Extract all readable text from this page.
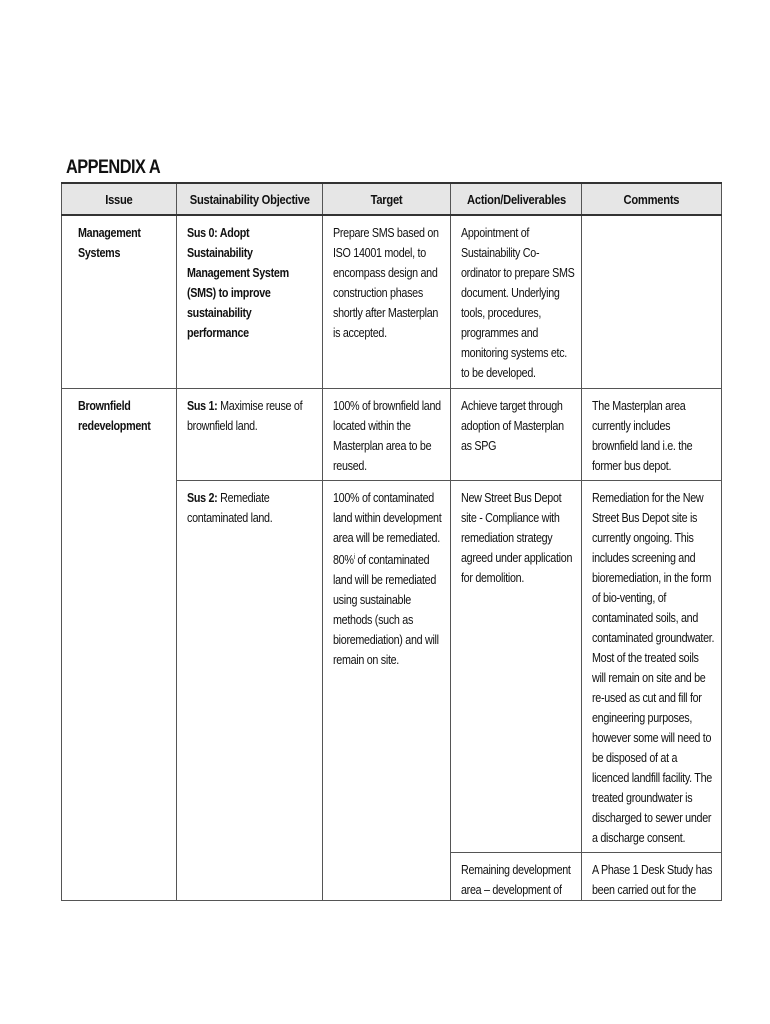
APPENDIX A
Issue	Sustainability Objective	Target	Action/Deliverables	Comments

Management Systems	Sus 0: Adopt Sustainability Management System (SMS) to improve sustainability performance	Prepare SMS based on ISO 14001 model, to encompass design and construction phases shortly after Masterplan is accepted.	Appointment of Sustainability Co-ordinator to prepare SMS document. Underlying tools, procedures, programmes and monitoring systems etc. to be developed.	

Brownfield redevelopment	Sus 1: Maximise reuse of brownfield land.	100% of brownfield land located within the Masterplan area to be reused.	Achieve target through adoption of Masterplan as SPG	The Masterplan area currently includes brownfield land i.e. the former bus depot.

	Sus 2: Remediate contaminated land.	100% of contaminated land within development area will be remediated.
80%$^i$ of contaminated land will be remediated using sustainable methods (such as bioremediation) and will remain on site.	New Street Bus Depot site - Compliance with remediation strategy agreed under application for demolition.	Remediation for the New Street Bus Depot site is currently ongoing. This includes screening and bioremediation, in the form of bio-venting, of contaminated soils, and contaminated groundwater. Most of the treated soils will remain on site and be re-used as cut and fill for engineering purposes, however some will need to be disposed of at a licenced landfill facility. The treated groundwater is discharged to sewer under a discharge consent.

			Remaining development area – development of	A Phase 1 Desk Study has been carried out for the
